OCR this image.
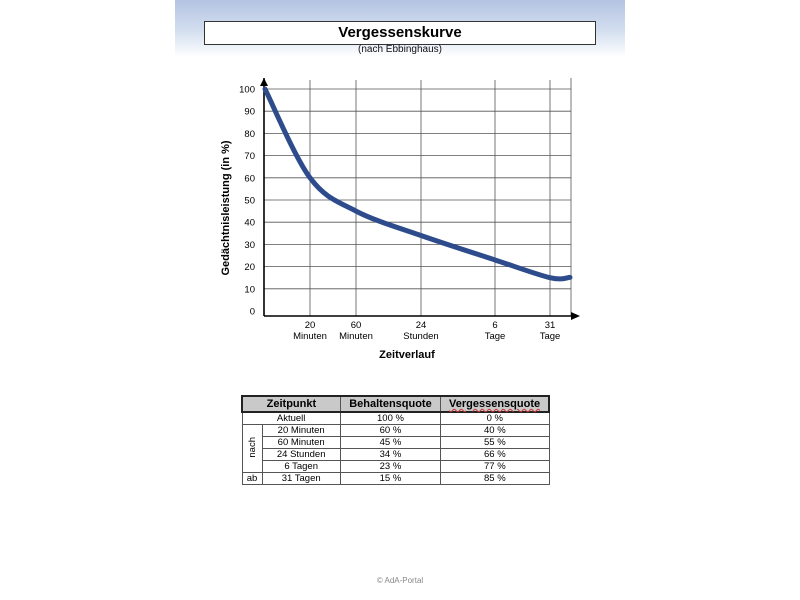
Vergessenskurve
(nach Ebbinghaus)
0
10
20
30
40
50
60
70
80
90
100
20
Minuten
60
Minuten
24
Stunden
6
Tage
31
Tage
Gedächtnisleistung (in %)
Zeitverlauf
Zeitpunkt		Behaltensquote	Vergessensquote
Aktuell		100 %	0 %
nach	20 Minuten	60 %	40 %
	60 Minuten	45 %	55 %
	24 Stunden	34 %	66 %
	6 Tagen	23 %	77 %
ab	31 Tagen	15 %	85 %
© AdA-Portal
